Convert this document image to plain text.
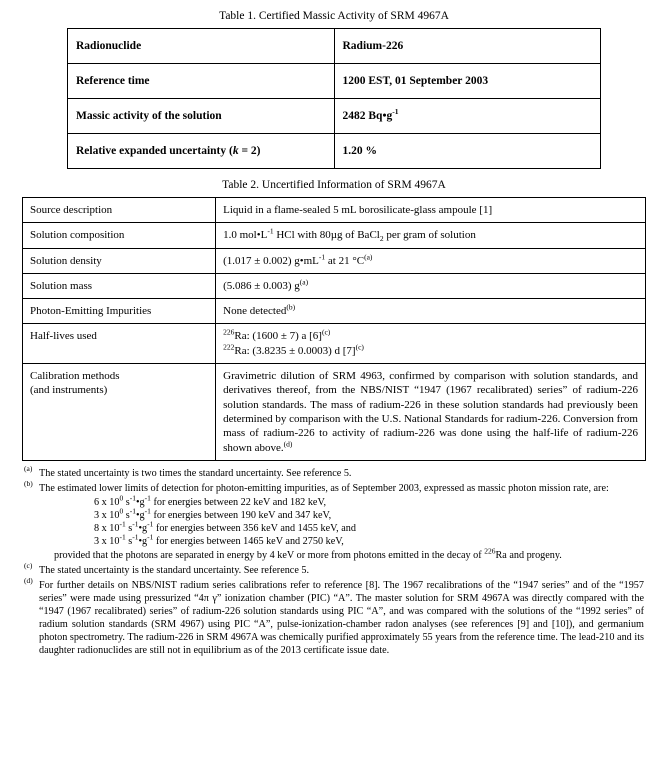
Table 1. Certified Massic Activity of SRM 4967A
Radionuclide	Radium-226
Reference time	1200 EST, 01 September 2003
Massic activity of the solution	2482 $Bq•g^{-1}$
Relative expanded uncertainty (k = 2)	1.20 %
Table 2. Uncertified Information of SRM 4967A
Source description	Liquid in a flame-sealed 5 mL borosilicate-glass ampoule [1]
Solution composition	1.0 $mol•L^{-1}$ HCl with 80µg of BaCl$_2$ per gram of solution
Solution density	(1.017 ± 0.002) $g•mL^{-1}$ at 21 $^\circ C^{(a)}$
Solution mass	(5.086 ± 0.003) $g^{(a)}$
Photon-Emitting Impurities	None detected$^{(b)}$
Half-lives used	$^{226}$Ra: (1600 ± 7) a $[6]^{(c)}$
$^{222}$Ra: (3.8235 ± 0.0003) d $[7]^{(c)}$

Calibration methods
(and instruments)	Gravimetric dilution of SRM 4963, confirmed by comparison with solution standards, and derivatives thereof, from the NBS/NIST “1947 (1967 recalibrated) series” of radium-226 solution standards. The mass of radium-226 in these solution standards had previously been determined by comparison with the U.S. National Standards for radium-226. Conversion from mass of radium-226 to activity of radium-226 was done using the half-life of radium-226 shown above.$^{(d)}$
$^{(a)}$ The stated uncertainty is two times the standard uncertainty. See reference 5.
$^{(b)}$ The estimated lower limits of detection for photon-emitting impurities, as of September 2003, expressed as massic photon mission rate, are:
6 x $10^0$ $s^{-1}•g^{-1}$ for energies between 22 keV and 182 keV,
3 x $10^0$ $s^{-1}•g^{-1}$ for energies between 190 keV and 347 keV,
8 x $10^{-1}$ $s^{-1}•g^{-1}$ for energies between 356 keV and 1455 keV, and
3 x $10^{-1}$ $s^{-1}•g^{-1}$ for energies between 1465 keV and 2750 keV,
provided that the photons are separated in energy by 4 keV or more from photons emitted in the decay of $^{226}$Ra and progeny.
$^{(c)}$ The stated uncertainty is the standard uncertainty. See reference 5.
$^{(d)}$ For further details on NBS/NIST radium series calibrations refer to reference [8]. The 1967 recalibrations of the “1947 series” and of the “1957 series” were made using pressurized “4π γ” ionization chamber (PIC) “A”. The master solution for SRM 4967A was directly compared with the “1947 (1967 recalibrated) series” of radium-226 solution standards using PIC “A”, and was compared with the solutions of the “1992 series” of radium solution standards (SRM 4967) using PIC “A”, pulse-ionization-chamber radon analyses (see references [9] and [10]), and germanium photon spectrometry. The radium-226 in SRM 4967A was chemically purified approximately 55 years from the reference time. The lead-210 and its daughter radionuclides are still not in equilibrium as of the 2013 certificate issue date.
